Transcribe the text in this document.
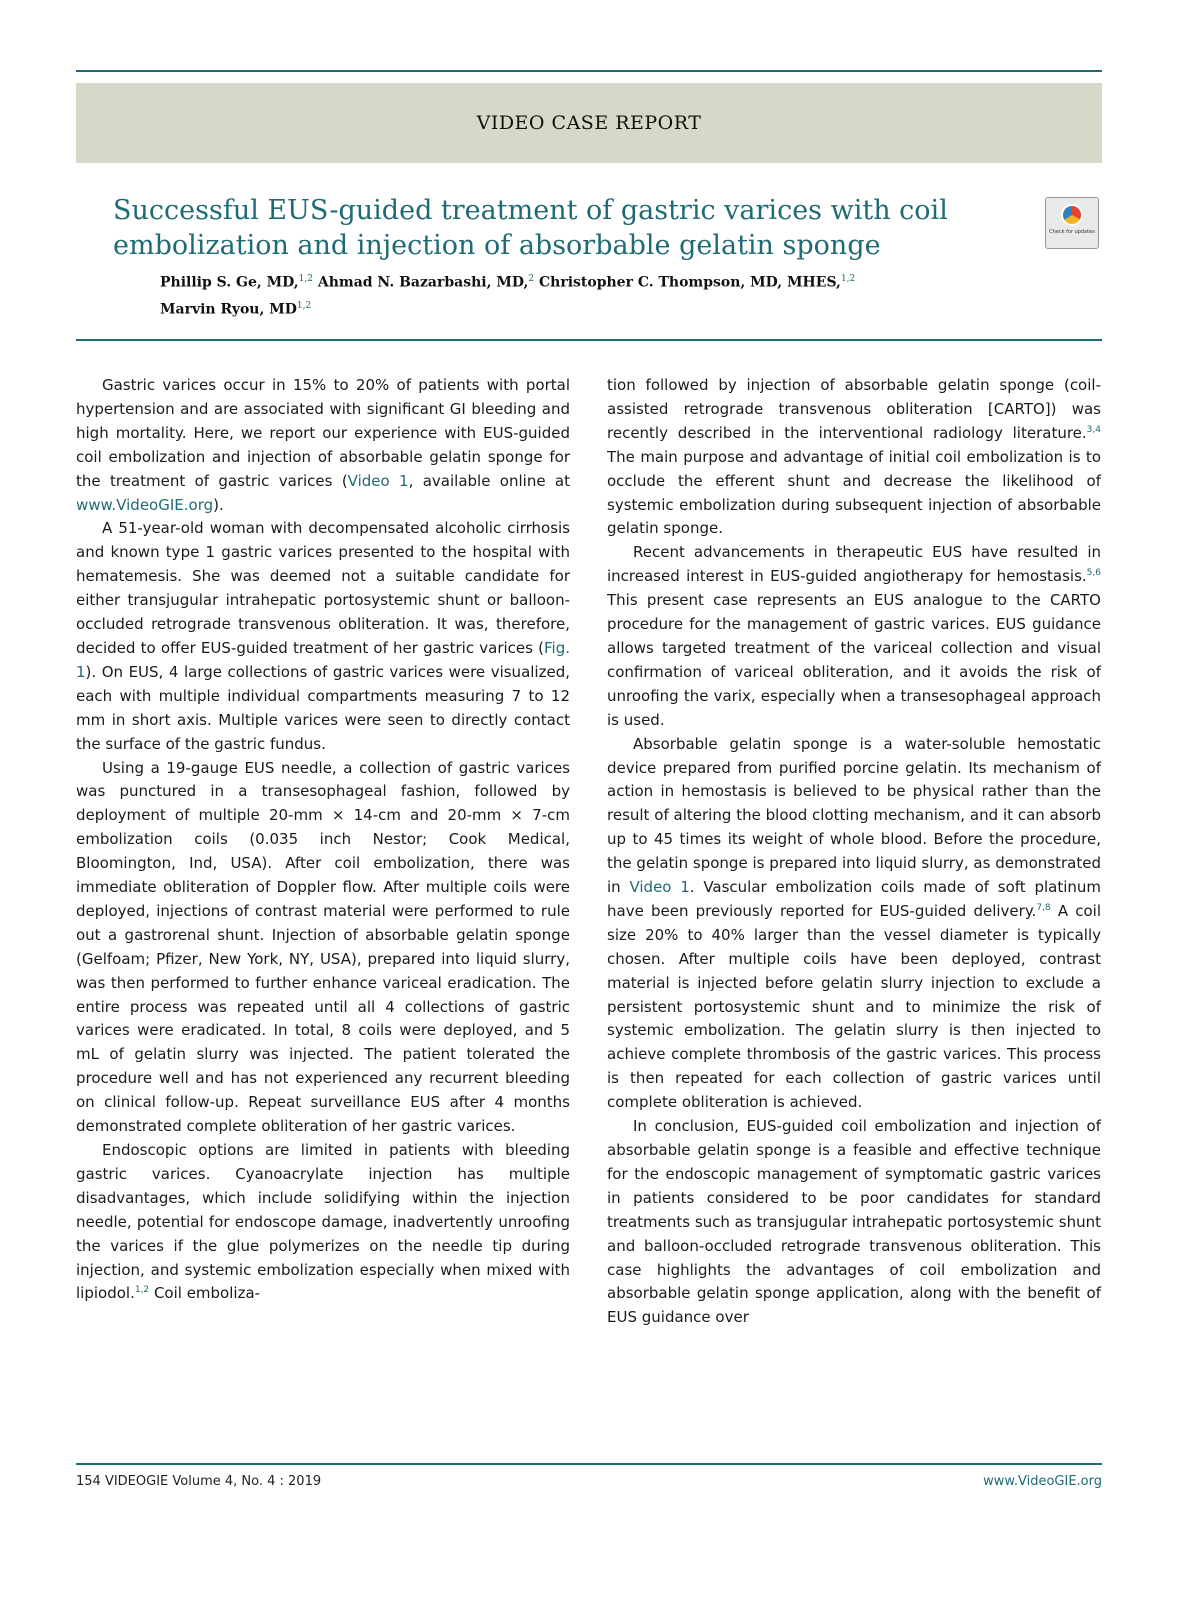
VIDEO CASE REPORT
Successful EUS-guided treatment of gastric varices with coil embolization and injection of absorbable gelatin sponge	Check for updates
Phillip S. Ge, MD,$^{1,2}$ Ahmad N. Bazarbashi, MD,$^2$ Christopher C. Thompson, MD, MHES,$^{1,2}$
Marvin Ryou, MD$^{1,2}$

Gastric varices occur in 15% to 20% of patients with portal hypertension and are associated with significant GI bleeding and high mortality. Here, we report our experience with EUS-guided coil embolization and injection of absorbable gelatin sponge for the treatment of gastric varices (Video 1, available online at www.VideoGIE.org).

A 51-year-old woman with decompensated alcoholic cirrhosis and known type 1 gastric varices presented to the hospital with hematemesis. She was deemed not a suitable candidate for either transjugular intrahepatic portosystemic shunt or balloon-occluded retrograde transvenous obliteration. It was, therefore, decided to offer EUS-guided treatment of her gastric varices (Fig. 1). On EUS, 4 large collections of gastric varices were visualized, each with multiple individual compartments measuring 7 to 12 mm in short axis. Multiple varices were seen to directly contact the surface of the gastric fundus.

Using a 19-gauge EUS needle, a collection of gastric varices was punctured in a transesophageal fashion, followed by deployment of multiple 20-mm × 14-cm and 20-mm × 7-cm embolization coils (0.035 inch Nestor; Cook Medical, Bloomington, Ind, USA). After coil embolization, there was immediate obliteration of Doppler flow. After multiple coils were deployed, injections of contrast material were performed to rule out a gastrorenal shunt. Injection of absorbable gelatin sponge (Gelfoam; Pfizer, New York, NY, USA), prepared into liquid slurry, was then performed to further enhance variceal eradication. The entire process was repeated until all 4 collections of gastric varices were eradicated. In total, 8 coils were deployed, and 5 mL of gelatin slurry was injected. The patient tolerated the procedure well and has not experienced any recurrent bleeding on clinical follow-up. Repeat surveillance EUS after 4 months demonstrated complete obliteration of her gastric varices.

Endoscopic options are limited in patients with bleeding gastric varices. Cyanoacrylate injection has multiple disadvantages, which include solidifying within the injection needle, potential for endoscope damage, inadvertently unroofing the varices if the glue polymerizes on the needle tip during injection, and systemic embolization especially when mixed with lipiodol.$^{1,2}$ Coil emboliza-

tion followed by injection of absorbable gelatin sponge (coil-assisted retrograde transvenous obliteration [CARTO]) was recently described in the interventional radiology literature.$^{3,4}$ The main purpose and advantage of initial coil embolization is to occlude the efferent shunt and decrease the likelihood of systemic embolization during subsequent injection of absorbable gelatin sponge.

Recent advancements in therapeutic EUS have resulted in increased interest in EUS-guided angiotherapy for hemostasis.$^{5,6}$ This present case represents an EUS analogue to the CARTO procedure for the management of gastric varices. EUS guidance allows targeted treatment of the variceal collection and visual confirmation of variceal obliteration, and it avoids the risk of unroofing the varix, especially when a transesophageal approach is used.

Absorbable gelatin sponge is a water-soluble hemostatic device prepared from purified porcine gelatin. Its mechanism of action in hemostasis is believed to be physical rather than the result of altering the blood clotting mechanism, and it can absorb up to 45 times its weight of whole blood. Before the procedure, the gelatin sponge is prepared into liquid slurry, as demonstrated in Video 1. Vascular embolization coils made of soft platinum have been previously reported for EUS-guided delivery.$^{7,8}$ A coil size 20% to 40% larger than the vessel diameter is typically chosen. After multiple coils have been deployed, contrast material is injected before gelatin slurry injection to exclude a persistent portosystemic shunt and to minimize the risk of systemic embolization. The gelatin slurry is then injected to achieve complete thrombosis of the gastric varices. This process is then repeated for each collection of gastric varices until complete obliteration is achieved.

In conclusion, EUS-guided coil embolization and injection of absorbable gelatin sponge is a feasible and effective technique for the endoscopic management of symptomatic gastric varices in patients considered to be poor candidates for standard treatments such as transjugular intrahepatic portosystemic shunt and balloon-occluded retrograde transvenous obliteration. This case highlights the advantages of coil embolization and absorbable gelatin sponge application, along with the benefit of EUS guidance over

154 VIDEOGIE Volume 4, No. 4 : 2019	www.VideoGIE.org
